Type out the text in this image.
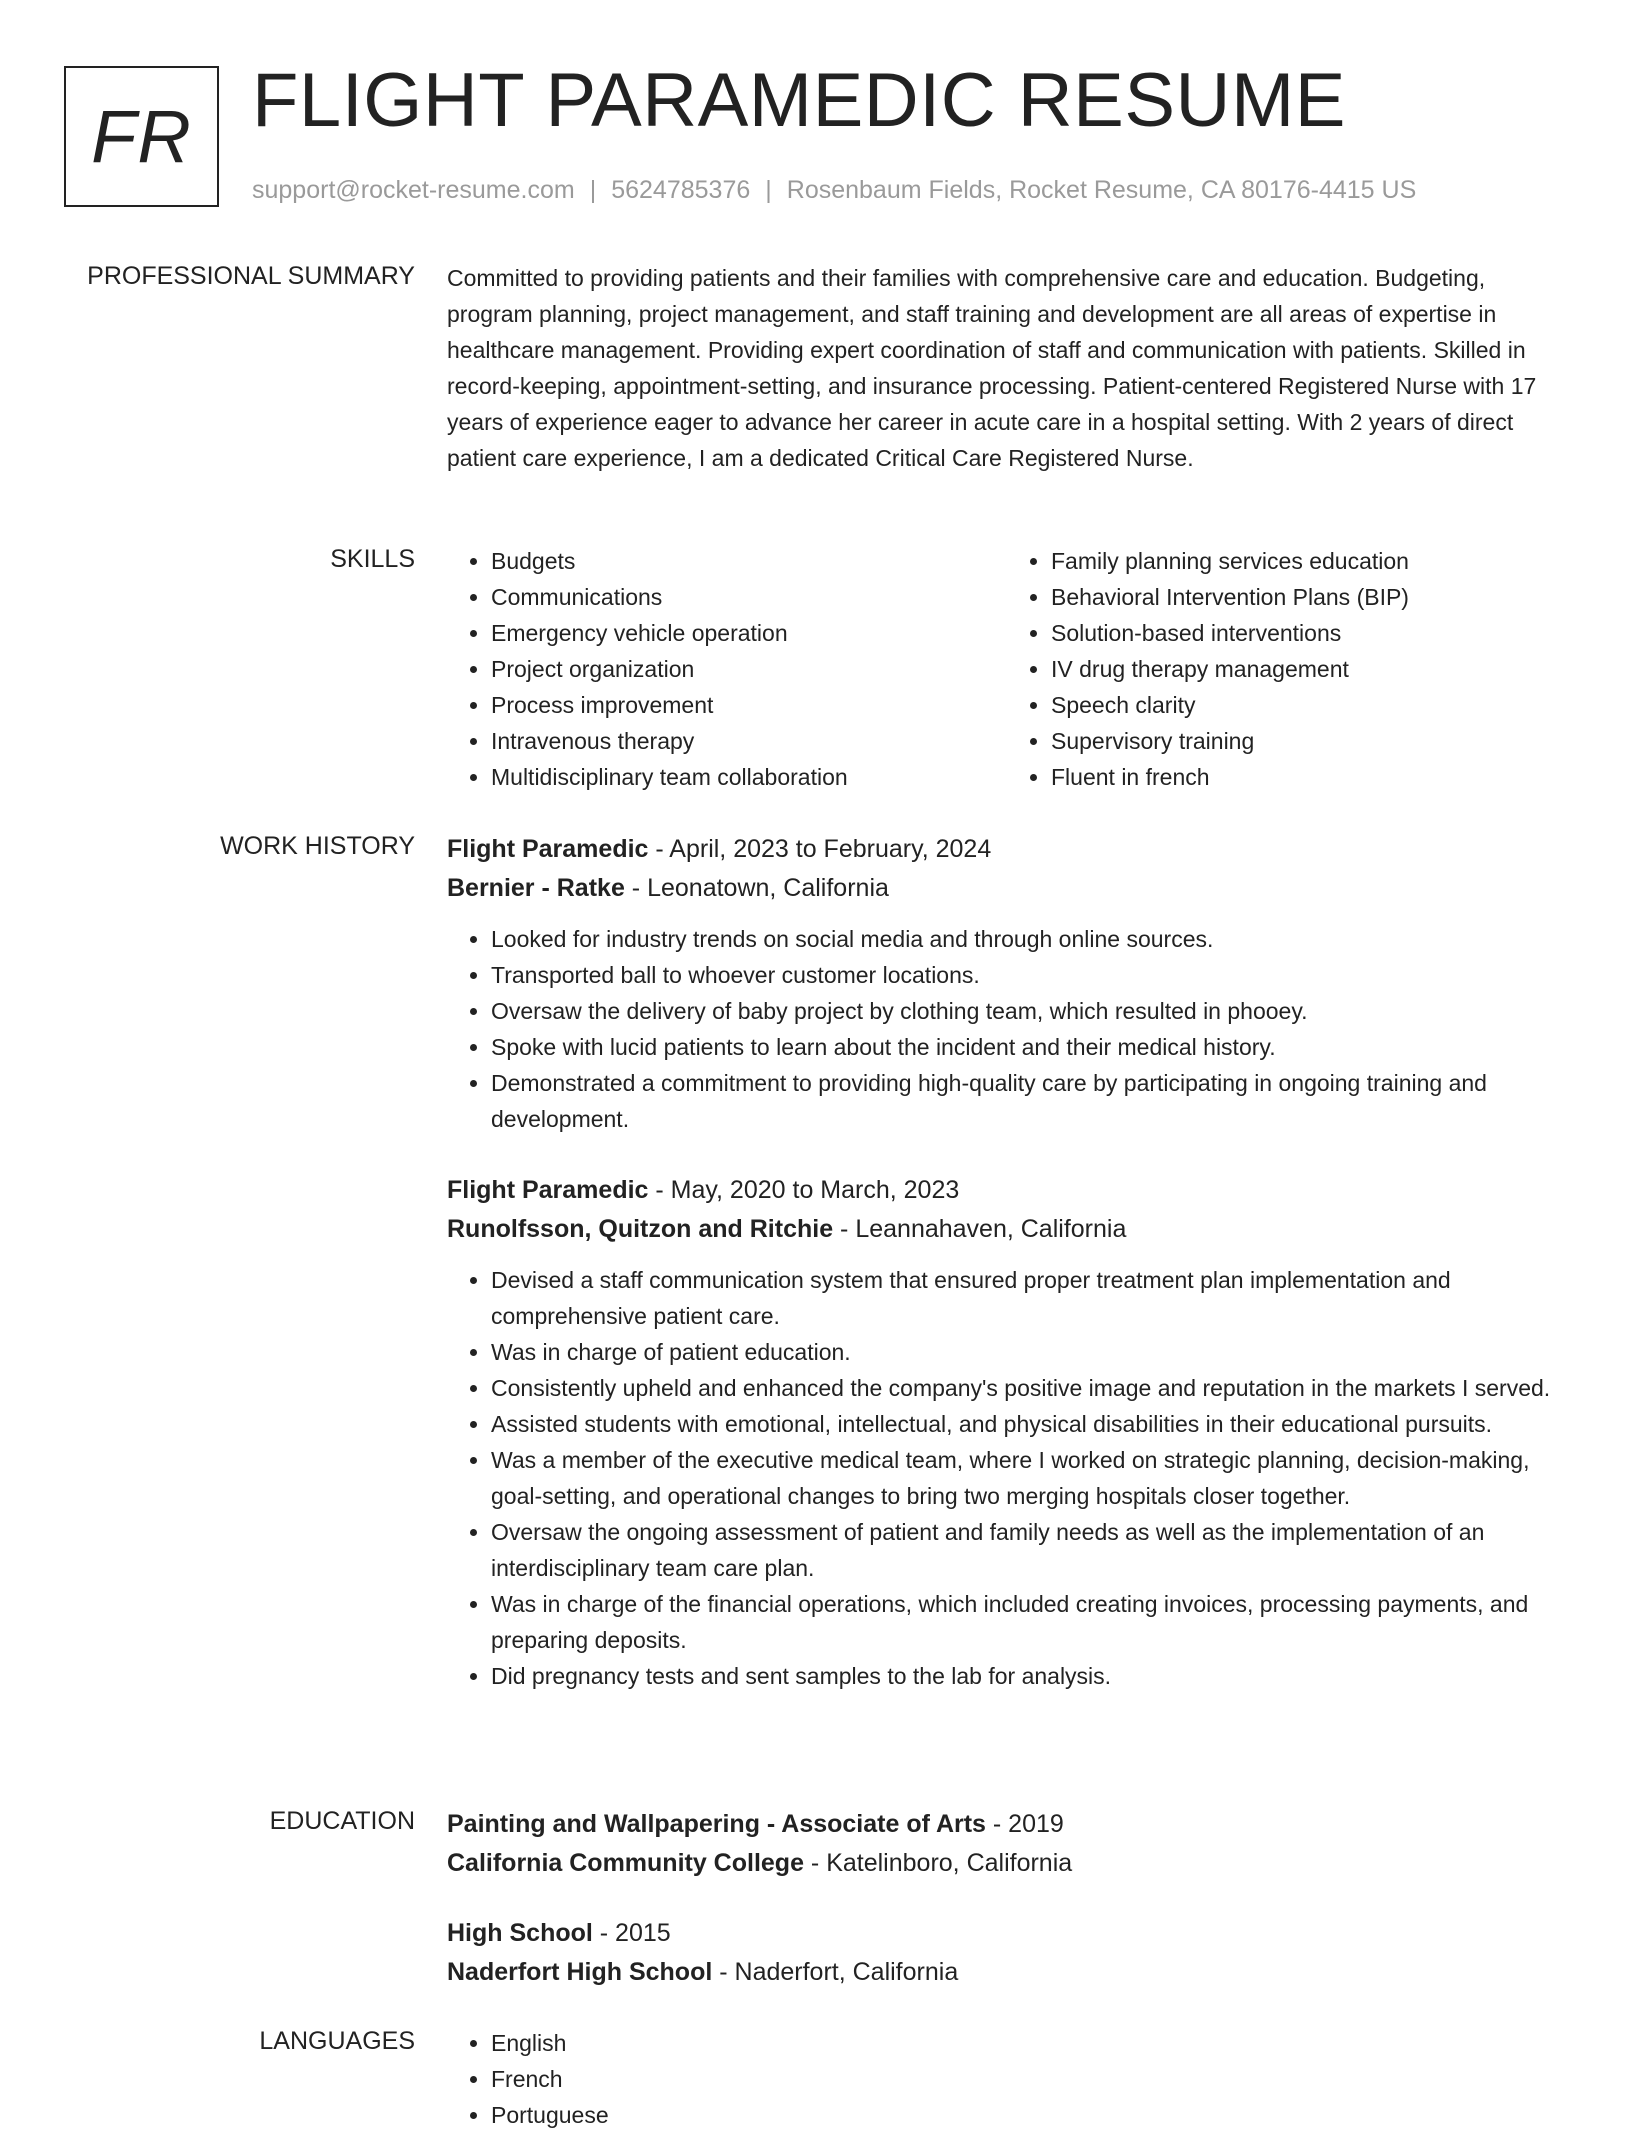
FR FLIGHT PARAMEDIC RESUME
support@rocket-resume.com | 5624785376 | Rosenbaum Fields, Rocket Resume, CA 80176-4415 US
PROFESSIONAL SUMMARY Committed to providing patients and their families with comprehensive care and education. Budgeting, program planning, project management, and staff training and development are all areas of expertise in healthcare management. Providing expert coordination of staff and communication with patients. Skilled in record-keeping, appointment-setting, and insurance processing. Patient-centered Registered Nurse with 17 years of experience eager to advance her career in acute care in a hospital setting. With 2 years of direct patient care experience, I am a dedicated Critical Care Registered Nurse.

SKILLS	• Budgets
• Communications
• Emergency vehicle operation
• Project organization
• Process improvement
• Intravenous therapy
• Multidisciplinary team collaboration
• Family planning services education
• Behavioral Intervention Plans (BIP)
• Solution-based interventions
• IV drug therapy management
• Speech clarity
• Supervisory training
• Fluent in french
WORK HISTORY Flight Paramedic - April, 2023 to February, 2024
Bernier - Ratke - Leonatown, California
• Looked for industry trends on social media and through online sources.
• Transported ball to whoever customer locations.
• Oversaw the delivery of baby project by clothing team, which resulted in phooey.
• Spoke with lucid patients to learn about the incident and their medical history.
• Demonstrated a commitment to providing high-quality care by participating in ongoing training and development.
Flight Paramedic - May, 2020 to March, 2023
Runolfsson, Quitzon and Ritchie - Leannahaven, California
• Devised a staff communication system that ensured proper treatment plan implementation and comprehensive patient care.
• Was in charge of patient education.
• Consistently upheld and enhanced the company's positive image and reputation in the markets I served.
• Assisted students with emotional, intellectual, and physical disabilities in their educational pursuits.
• Was a member of the executive medical team, where I worked on strategic planning, decision-making, goal-setting, and operational changes to bring two merging hospitals closer together.
• Oversaw the ongoing assessment of patient and family needs as well as the implementation of an interdisciplinary team care plan.
• Was in charge of the financial operations, which included creating invoices, processing payments, and preparing deposits.
• Did pregnancy tests and sent samples to the lab for analysis.
EDUCATION Painting and Wallpapering - Associate of Arts - 2019
California Community College - Katelinboro, California
High School - 2015
Naderfort High School - Naderfort, California
LANGUAGES	• English
• French
• Portuguese
